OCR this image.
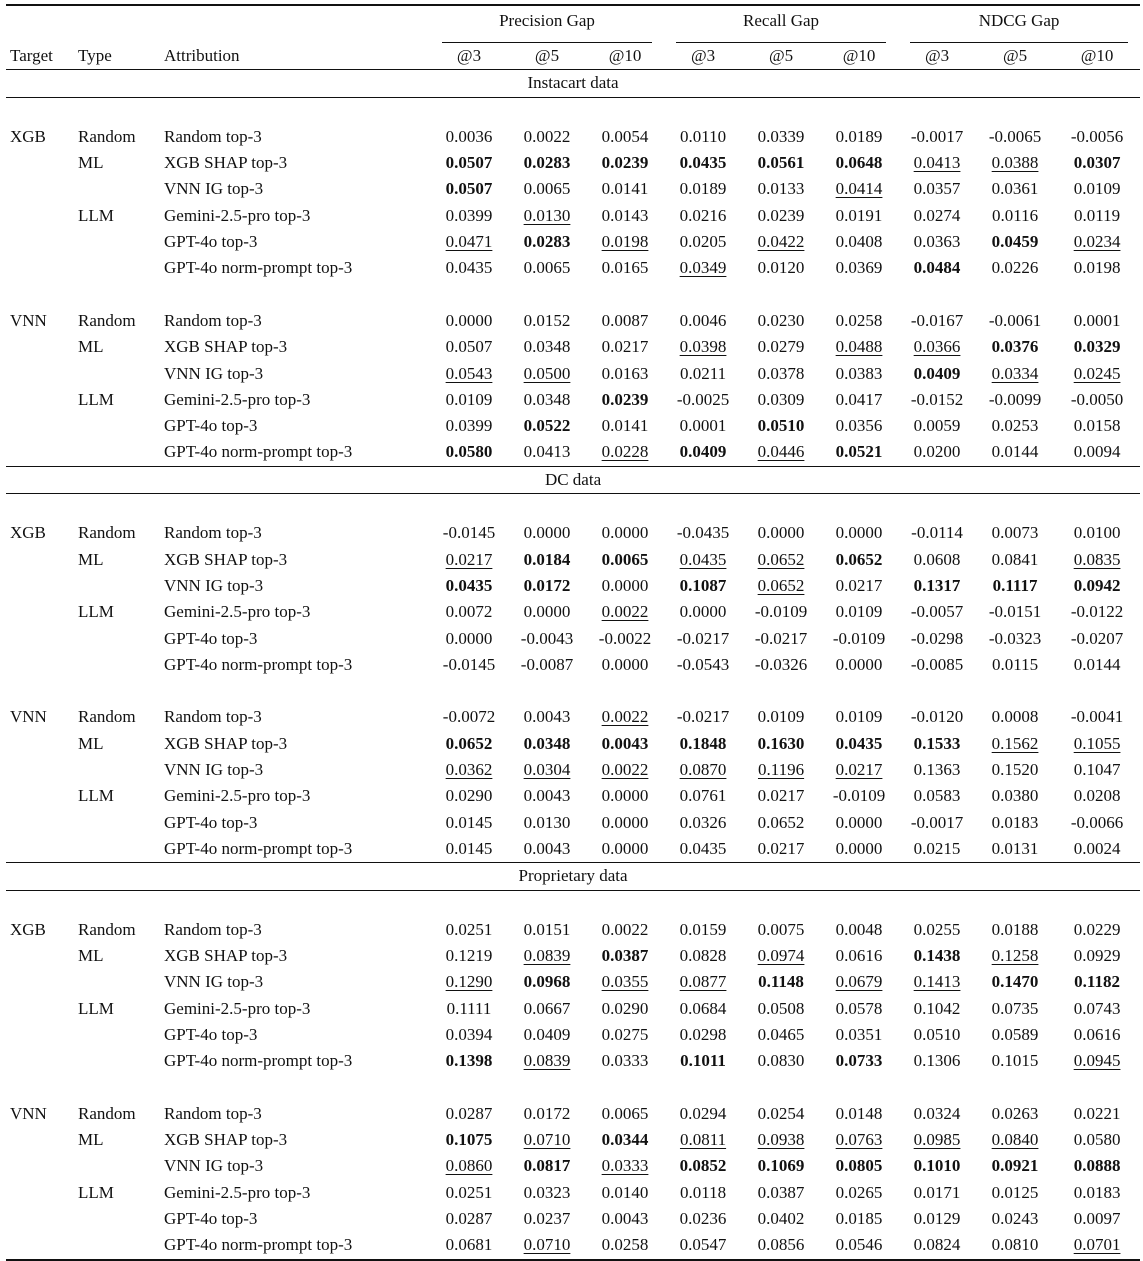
			Precision Gap			Recall Gap			NDCG Gap		
Target	Type	Attribution	@3	@5	@10	@3	@5	@10	@3	@5	@10
Instacart data											

XGB	Random	Random top-3	0.0036	0.0022	0.0054	0.0110	0.0339	0.0189	-0.0017	-0.0065	-0.0056
	ML	XGB SHAP top-3	0.0507	0.0283	0.0239	0.0435	0.0561	0.0648	0.0413	0.0388	0.0307
		VNN IG top-3	0.0507	0.0065	0.0141	0.0189	0.0133	0.0414	0.0357	0.0361	0.0109
	LLM	Gemini-2.5-pro top-3	0.0399	0.0130	0.0143	0.0216	0.0239	0.0191	0.0274	0.0116	0.0119
		GPT-4o top-3	0.0471	0.0283	0.0198	0.0205	0.0422	0.0408	0.0363	0.0459	0.0234
		GPT-4o norm-prompt top-3	0.0435	0.0065	0.0165	0.0349	0.0120	0.0369	0.0484	0.0226	0.0198

VNN	Random	Random top-3	0.0000	0.0152	0.0087	0.0046	0.0230	0.0258	-0.0167	-0.0061	0.0001
	ML	XGB SHAP top-3	0.0507	0.0348	0.0217	0.0398	0.0279	0.0488	0.0366	0.0376	0.0329
		VNN IG top-3	0.0543	0.0500	0.0163	0.0211	0.0378	0.0383	0.0409	0.0334	0.0245
	LLM	Gemini-2.5-pro top-3	0.0109	0.0348	0.0239	-0.0025	0.0309	0.0417	-0.0152	-0.0099	-0.0050
		GPT-4o top-3	0.0399	0.0522	0.0141	0.0001	0.0510	0.0356	0.0059	0.0253	0.0158
		GPT-4o norm-prompt top-3	0.0580	0.0413	0.0228	0.0409	0.0446	0.0521	0.0200	0.0144	0.0094
DC data											

XGB	Random	Random top-3	-0.0145	0.0000	0.0000	-0.0435	0.0000	0.0000	-0.0114	0.0073	0.0100
	ML	XGB SHAP top-3	0.0217	0.0184	0.0065	0.0435	0.0652	0.0652	0.0608	0.0841	0.0835
		VNN IG top-3	0.0435	0.0172	0.0000	0.1087	0.0652	0.0217	0.1317	0.1117	0.0942
	LLM	Gemini-2.5-pro top-3	0.0072	0.0000	0.0022	0.0000	-0.0109	0.0109	-0.0057	-0.0151	-0.0122
		GPT-4o top-3	0.0000	-0.0043	-0.0022	-0.0217	-0.0217	-0.0109	-0.0298	-0.0323	-0.0207
		GPT-4o norm-prompt top-3	-0.0145	-0.0087	0.0000	-0.0543	-0.0326	0.0000	-0.0085	0.0115	0.0144

VNN	Random	Random top-3	-0.0072	0.0043	0.0022	-0.0217	0.0109	0.0109	-0.0120	0.0008	-0.0041
	ML	XGB SHAP top-3	0.0652	0.0348	0.0043	0.1848	0.1630	0.0435	0.1533	0.1562	0.1055
		VNN IG top-3	0.0362	0.0304	0.0022	0.0870	0.1196	0.0217	0.1363	0.1520	0.1047
	LLM	Gemini-2.5-pro top-3	0.0290	0.0043	0.0000	0.0761	0.0217	-0.0109	0.0583	0.0380	0.0208
		GPT-4o top-3	0.0145	0.0130	0.0000	0.0326	0.0652	0.0000	-0.0017	0.0183	-0.0066
		GPT-4o norm-prompt top-3	0.0145	0.0043	0.0000	0.0435	0.0217	0.0000	0.0215	0.0131	0.0024
Proprietary data											

XGB	Random	Random top-3	0.0251	0.0151	0.0022	0.0159	0.0075	0.0048	0.0255	0.0188	0.0229
	ML	XGB SHAP top-3	0.1219	0.0839	0.0387	0.0828	0.0974	0.0616	0.1438	0.1258	0.0929
		VNN IG top-3	0.1290	0.0968	0.0355	0.0877	0.1148	0.0679	0.1413	0.1470	0.1182
	LLM	Gemini-2.5-pro top-3	0.1111	0.0667	0.0290	0.0684	0.0508	0.0578	0.1042	0.0735	0.0743
		GPT-4o top-3	0.0394	0.0409	0.0275	0.0298	0.0465	0.0351	0.0510	0.0589	0.0616
		GPT-4o norm-prompt top-3	0.1398	0.0839	0.0333	0.1011	0.0830	0.0733	0.1306	0.1015	0.0945

VNN	Random	Random top-3	0.0287	0.0172	0.0065	0.0294	0.0254	0.0148	0.0324	0.0263	0.0221
	ML	XGB SHAP top-3	0.1075	0.0710	0.0344	0.0811	0.0938	0.0763	0.0985	0.0840	0.0580
		VNN IG top-3	0.0860	0.0817	0.0333	0.0852	0.1069	0.0805	0.1010	0.0921	0.0888
	LLM	Gemini-2.5-pro top-3	0.0251	0.0323	0.0140	0.0118	0.0387	0.0265	0.0171	0.0125	0.0183
		GPT-4o top-3	0.0287	0.0237	0.0043	0.0236	0.0402	0.0185	0.0129	0.0243	0.0097
		GPT-4o norm-prompt top-3	0.0681	0.0710	0.0258	0.0547	0.0856	0.0546	0.0824	0.0810	0.0701
